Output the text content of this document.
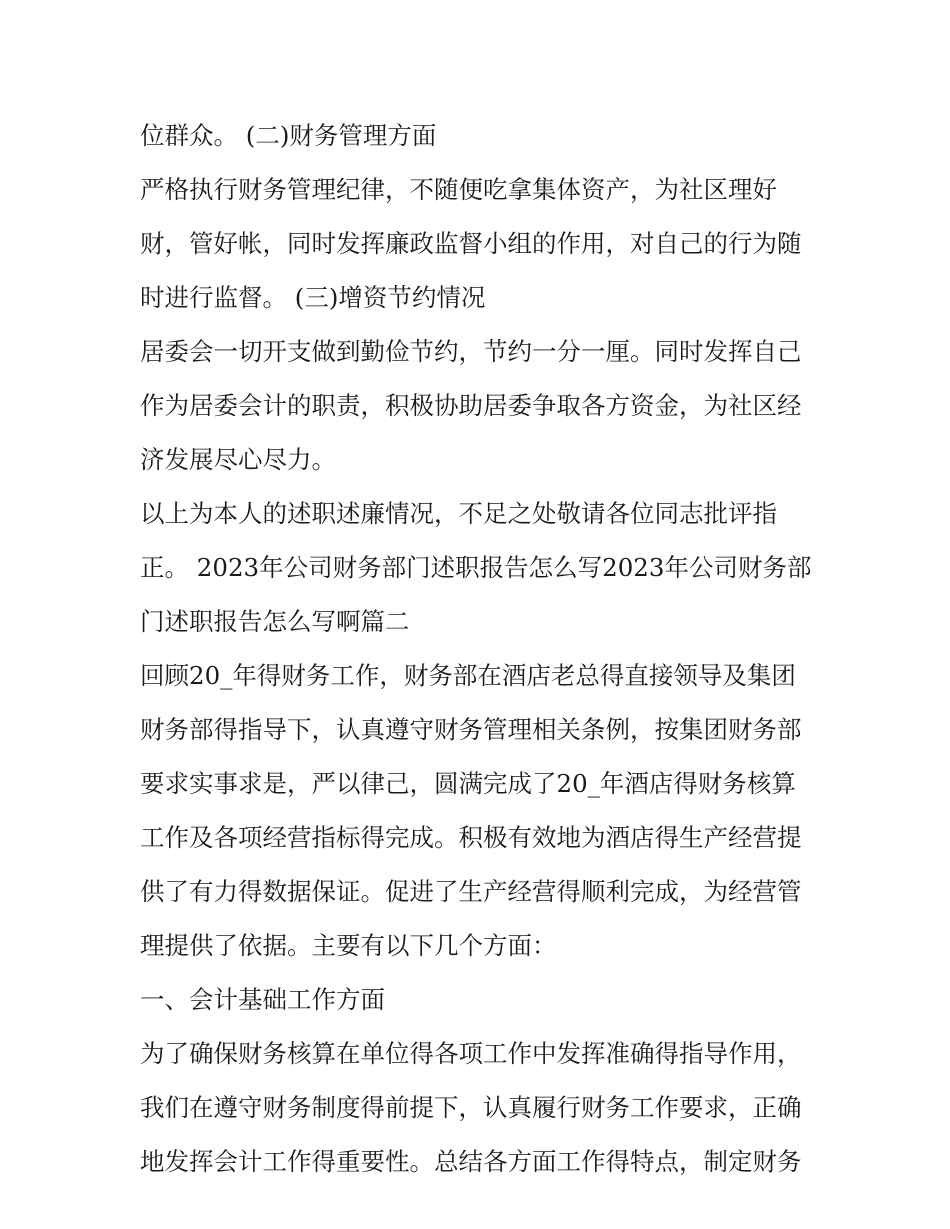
位群众。 (二)财务管理方面

严格执行财务管理纪律，不随便吃拿集体资产，为社区理好财，管好帐，同时发挥廉政监督小组的作用，对自己的行为随时进行监督。 (三)增资节约情况

居委会一切开支做到勤俭节约，节约一分一厘。同时发挥自己作为居委会计的职责，积极协助居委争取各方资金，为社区经济发展尽心尽力。

以上为本人的述职述廉情况，不足之处敬请各位同志批评指正。 2023年公司财务部门述职报告怎么写2023年公司财务部门述职报告怎么写啊篇二

回顾20_年得财务工作，财务部在酒店老总得直接领导及集团财务部得指导下，认真遵守财务管理相关条例，按集团财务部要求实事求是，严以律己，圆满完成了20_年酒店得财务核算工作及各项经营指标得完成。积极有效地为酒店得生产经营提供了有力得数据保证。促进了生产经营得顺利完成，为经营管理提供了依据。主要有以下几个方面：

一、会计基础工作方面

为了确保财务核算在单位得各项工作中发挥准确得指导作用，我们在遵守财务制度得前提下，认真履行财务工作要求，正确地发挥会计工作得重要性。总结各方面工作得特点，制定财务
